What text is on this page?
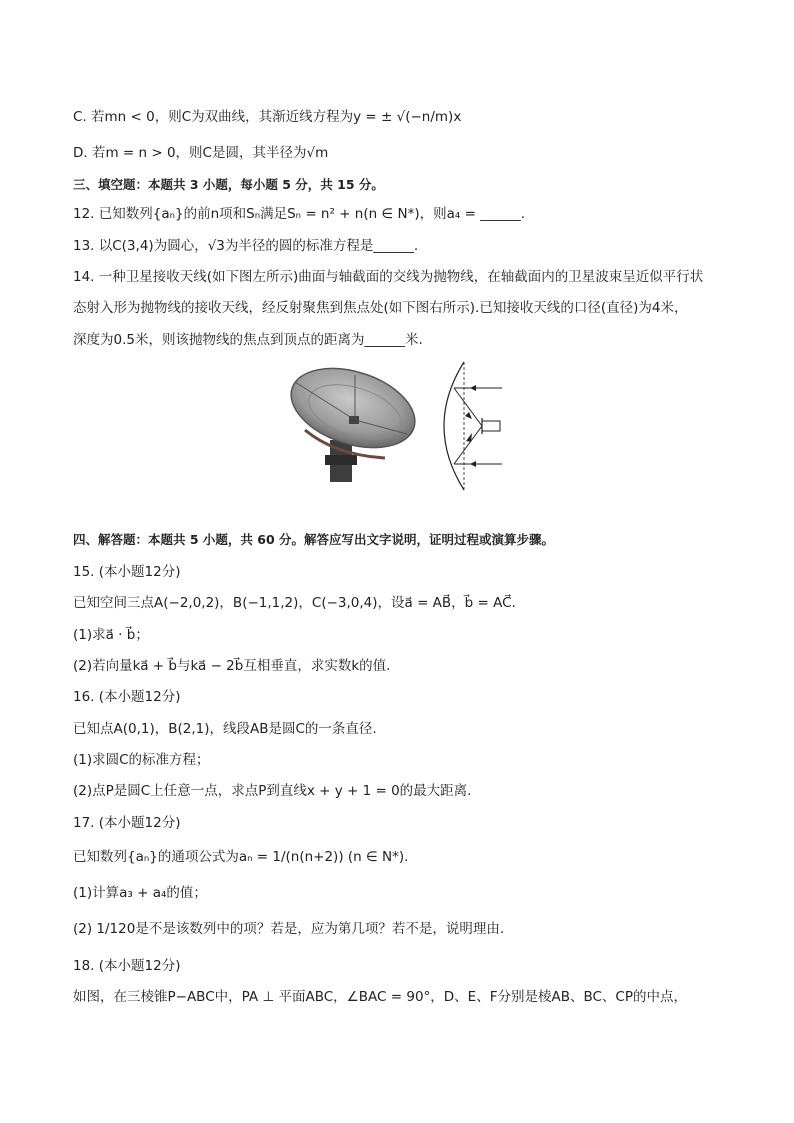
C. 若mn < 0，则C为双曲线，其渐近线方程为y = ± √(−n/m)x
D. 若m = n > 0，则C是圆，其半径为√m
三、填空题：本题共 3 小题，每小题 5 分，共 15 分。
12. 已知数列{aₙ}的前n项和Sₙ满足Sₙ = n² + n(n ∈ N*)，则a₄ = ______.
13. 以C(3,4)为圆心，√3为半径的圆的标准方程是______.
14. 一种卫星接收天线(如下图左所示)曲面与轴截面的交线为抛物线，在轴截面内的卫星波束呈近似平行状
态射入形为抛物线的接收天线，经反射聚焦到焦点处(如下图右所示).已知接收天线的口径(直径)为4米，
深度为0.5米，则该抛物线的焦点到顶点的距离为______米.
四、解答题：本题共 5 小题，共 60 分。解答应写出文字说明，证明过程或演算步骤。
15. (本小题12分)
已知空间三点A(−2,0,2)，B(−1,1,2)，C(−3,0,4)，设a⃗ = AB⃗，b⃗ = AC⃗.
(1)求a⃗ · b⃗；
(2)若向量ka⃗ + b⃗与ka⃗ − 2b⃗互相垂直，求实数k的值.
16. (本小题12分)
已知点A(0,1)，B(2,1)，线段AB是圆C的一条直径.
(1)求圆C的标准方程；
(2)点P是圆C上任意一点，求点P到直线x + y + 1 = 0的最大距离.
17. (本小题12分)
已知数列{aₙ}的通项公式为aₙ = 1/(n(n+2)) (n ∈ N*).
(1)计算a₃ + a₄的值；
(2) 1/120是不是该数列中的项？若是，应为第几项？若不是，说明理由.
18. (本小题12分)
如图，在三棱锥P−ABC中，PA ⊥ 平面ABC，∠BAC = 90°，D、E、F分别是棱AB、BC、CP的中点，
